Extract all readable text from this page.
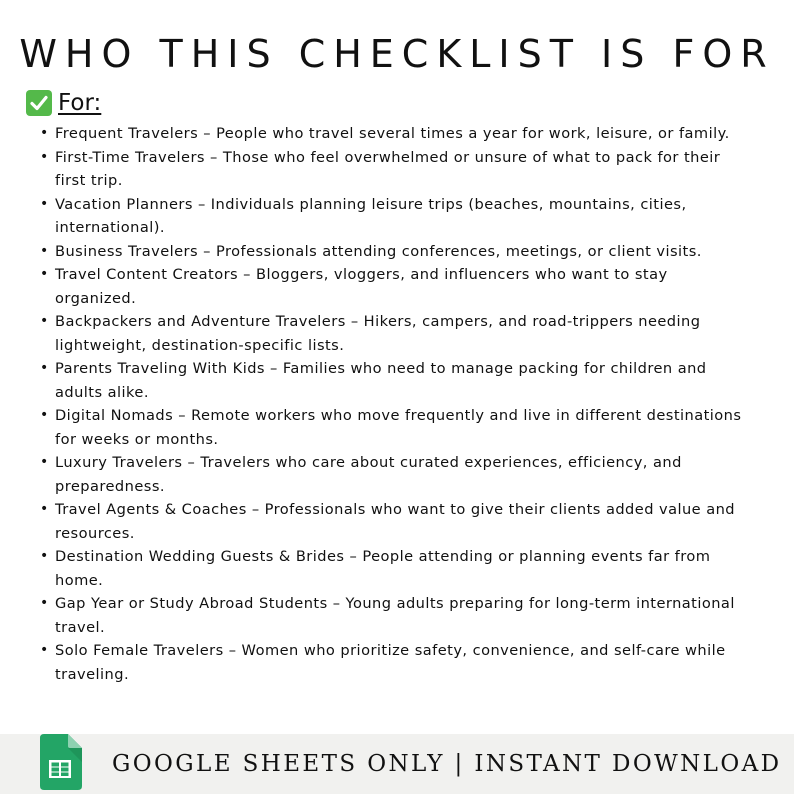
WHO THIS CHECKLIST IS FOR
For:
• Frequent Travelers – People who travel several times a year for work, leisure, or family.
• First-Time Travelers – Those who feel overwhelmed or unsure of what to pack for their
first trip.
• Vacation Planners – Individuals planning leisure trips (beaches, mountains, cities,
international).
• Business Travelers – Professionals attending conferences, meetings, or client visits.
• Travel Content Creators – Bloggers, vloggers, and influencers who want to stay
organized.
• Backpackers and Adventure Travelers – Hikers, campers, and road-trippers needing
lightweight, destination-specific lists.
• Parents Traveling With Kids – Families who need to manage packing for children and
adults alike.
• Digital Nomads – Remote workers who move frequently and live in different destinations
for weeks or months.
• Luxury Travelers – Travelers who care about curated experiences, efficiency, and
preparedness.
• Travel Agents & Coaches – Professionals who want to give their clients added value and
resources.
• Destination Wedding Guests & Brides – People attending or planning events far from
home.
• Gap Year or Study Abroad Students – Young adults preparing for long-term international
travel.
• Solo Female Travelers – Women who prioritize safety, convenience, and self-care while
traveling.
GOOGLE SHEETS ONLY | INSTANT DOWNLOAD
